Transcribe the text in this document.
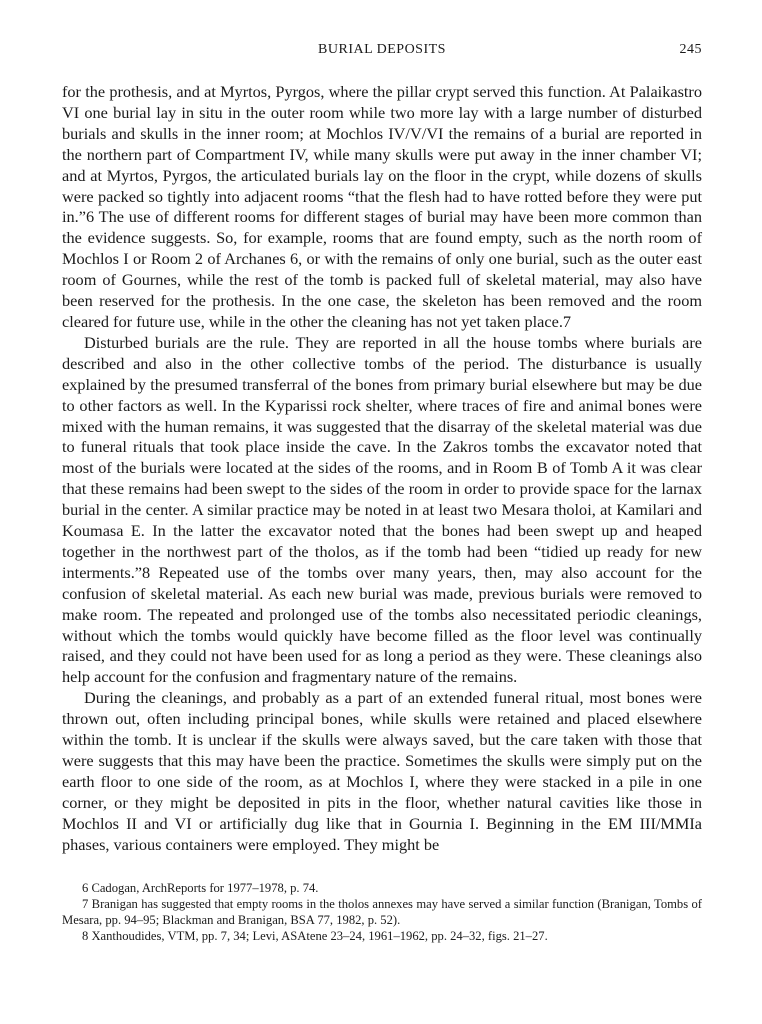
BURIAL DEPOSITS	245

for the prothesis, and at Myrtos, Pyrgos, where the pillar crypt served this function. At Palaikastro VI one burial lay in situ in the outer room while two more lay with a large number of disturbed burials and skulls in the inner room; at Mochlos IV/V/VI the remains of a burial are reported in the northern part of Compartment IV, while many skulls were put away in the inner chamber VI; and at Myrtos, Pyrgos, the articulated burials lay on the floor in the crypt, while dozens of skulls were packed so tightly into adjacent rooms “that the flesh had to have rotted before they were put in.”6 The use of different rooms for different stages of burial may have been more common than the evidence suggests. So, for example, rooms that are found empty, such as the north room of Mochlos I or Room 2 of Archanes 6, or with the remains of only one burial, such as the outer east room of Gournes, while the rest of the tomb is packed full of skeletal material, may also have been reserved for the prothesis. In the one case, the skeleton has been removed and the room cleared for future use, while in the other the cleaning has not yet taken place.7

Disturbed burials are the rule. They are reported in all the house tombs where burials are described and also in the other collective tombs of the period. The disturbance is usually explained by the presumed transferral of the bones from primary burial elsewhere but may be due to other factors as well. In the Kyparissi rock shelter, where traces of fire and animal bones were mixed with the human remains, it was suggested that the disarray of the skeletal material was due to funeral rituals that took place inside the cave. In the Zakros tombs the excavator noted that most of the burials were located at the sides of the rooms, and in Room B of Tomb A it was clear that these remains had been swept to the sides of the room in order to provide space for the larnax burial in the center. A similar practice may be noted in at least two Mesara tholoi, at Kamilari and Koumasa E. In the latter the excavator noted that the bones had been swept up and heaped together in the northwest part of the tholos, as if the tomb had been “tidied up ready for new interments.”8 Repeated use of the tombs over many years, then, may also account for the confusion of skeletal material. As each new burial was made, previous burials were removed to make room. The repeated and prolonged use of the tombs also necessitated periodic cleanings, without which the tombs would quickly have become filled as the floor level was continually raised, and they could not have been used for as long a period as they were. These cleanings also help account for the confusion and fragmentary nature of the remains.

During the cleanings, and probably as a part of an extended funeral ritual, most bones were thrown out, often including principal bones, while skulls were retained and placed elsewhere within the tomb. It is unclear if the skulls were always saved, but the care taken with those that were suggests that this may have been the practice. Sometimes the skulls were simply put on the earth floor to one side of the room, as at Mochlos I, where they were stacked in a pile in one corner, or they might be deposited in pits in the floor, whether natural cavities like those in Mochlos II and VI or artificially dug like that in Gournia I. Beginning in the EM III/MMIa phases, various containers were employed. They might be

6 Cadogan, ArchReports for 1977–1978, p. 74.

7 Branigan has suggested that empty rooms in the tholos annexes may have served a similar function (Branigan, Tombs of Mesara, pp. 94–95; Blackman and Branigan, BSA 77, 1982, p. 52).

8 Xanthoudides, VTM, pp. 7, 34; Levi, ASAtene 23–24, 1961–1962, pp. 24–32, figs. 21–27.
